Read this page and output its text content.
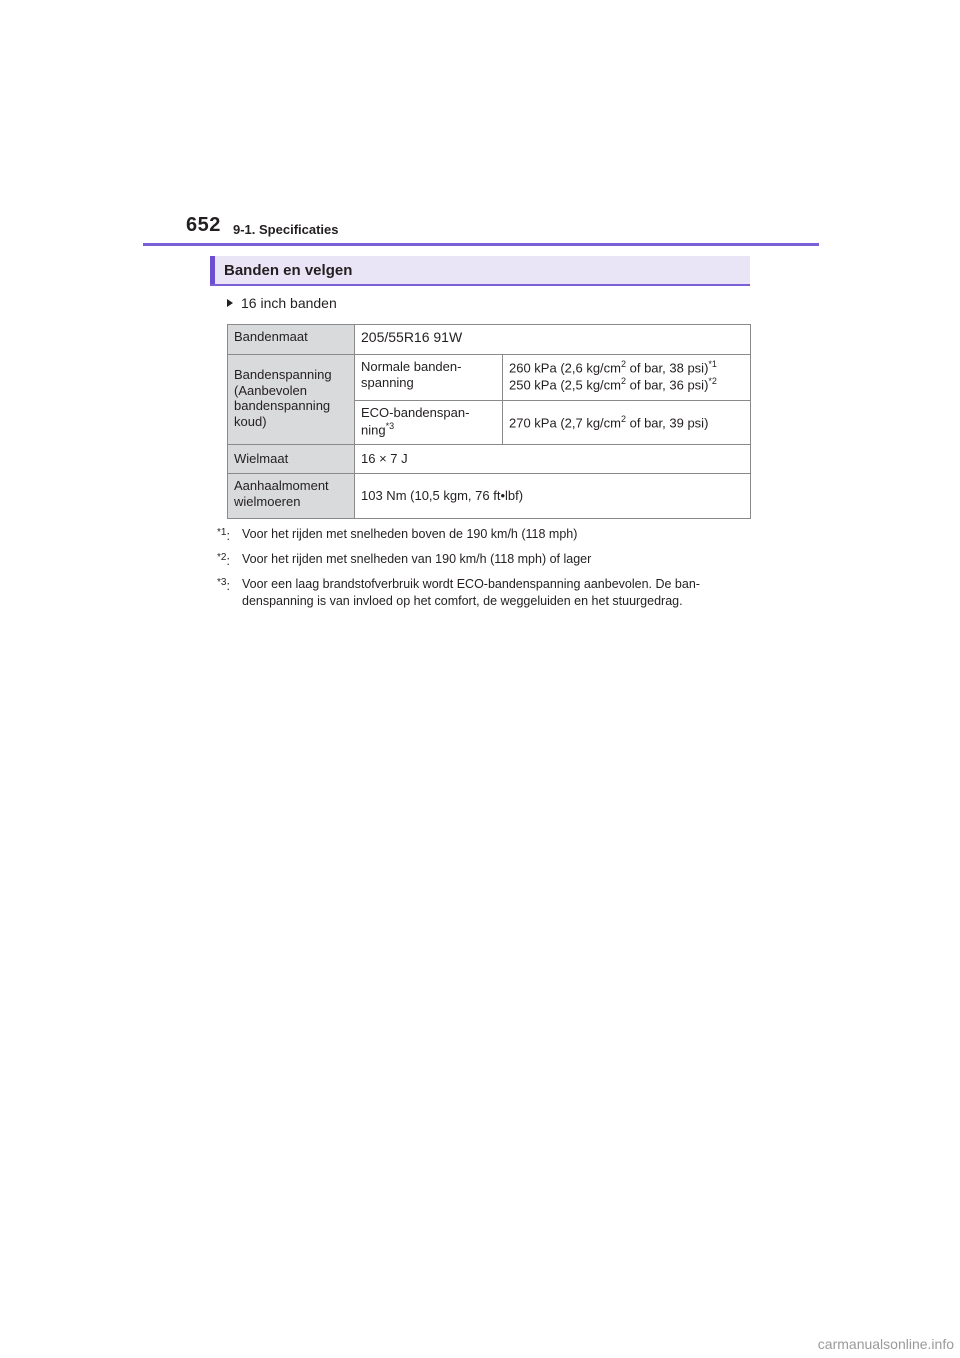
652 9-1. Specificaties
Banden en velgen
16 inch banden
Bandenmaat	205/55R16 91W	
Bandenspanning (Aanbevolen bandenspanning koud)	Normale banden-spanning	260 kPa (2,6 $kg/cm^2$ of bar, 38 psi)$^{*1}$
250 kPa (2,5 $kg/cm^2$ of bar, 36 psi)$^{*2}$

	ECO-bandenspan-ning$^{*3}$	270 kPa (2,7 $kg/cm^2$ of bar, 39 psi)
Wielmaat	16 × 7 J	
Aanhaalmoment wielmoeren	103 Nm (10,5 kgm, 76 ft•lbf)	
$^{*1}$: Voor het rijden met snelheden boven de 190 km/h (118 mph)
$^{*2}$: Voor het rijden met snelheden van 190 km/h (118 mph) of lager
$^{*3}$: Voor een laag brandstofverbruik wordt ECO-bandenspanning aanbevolen. De ban-denspanning is van invloed op het comfort, de weggeluiden en het stuurgedrag.
carmanualsonline.info
